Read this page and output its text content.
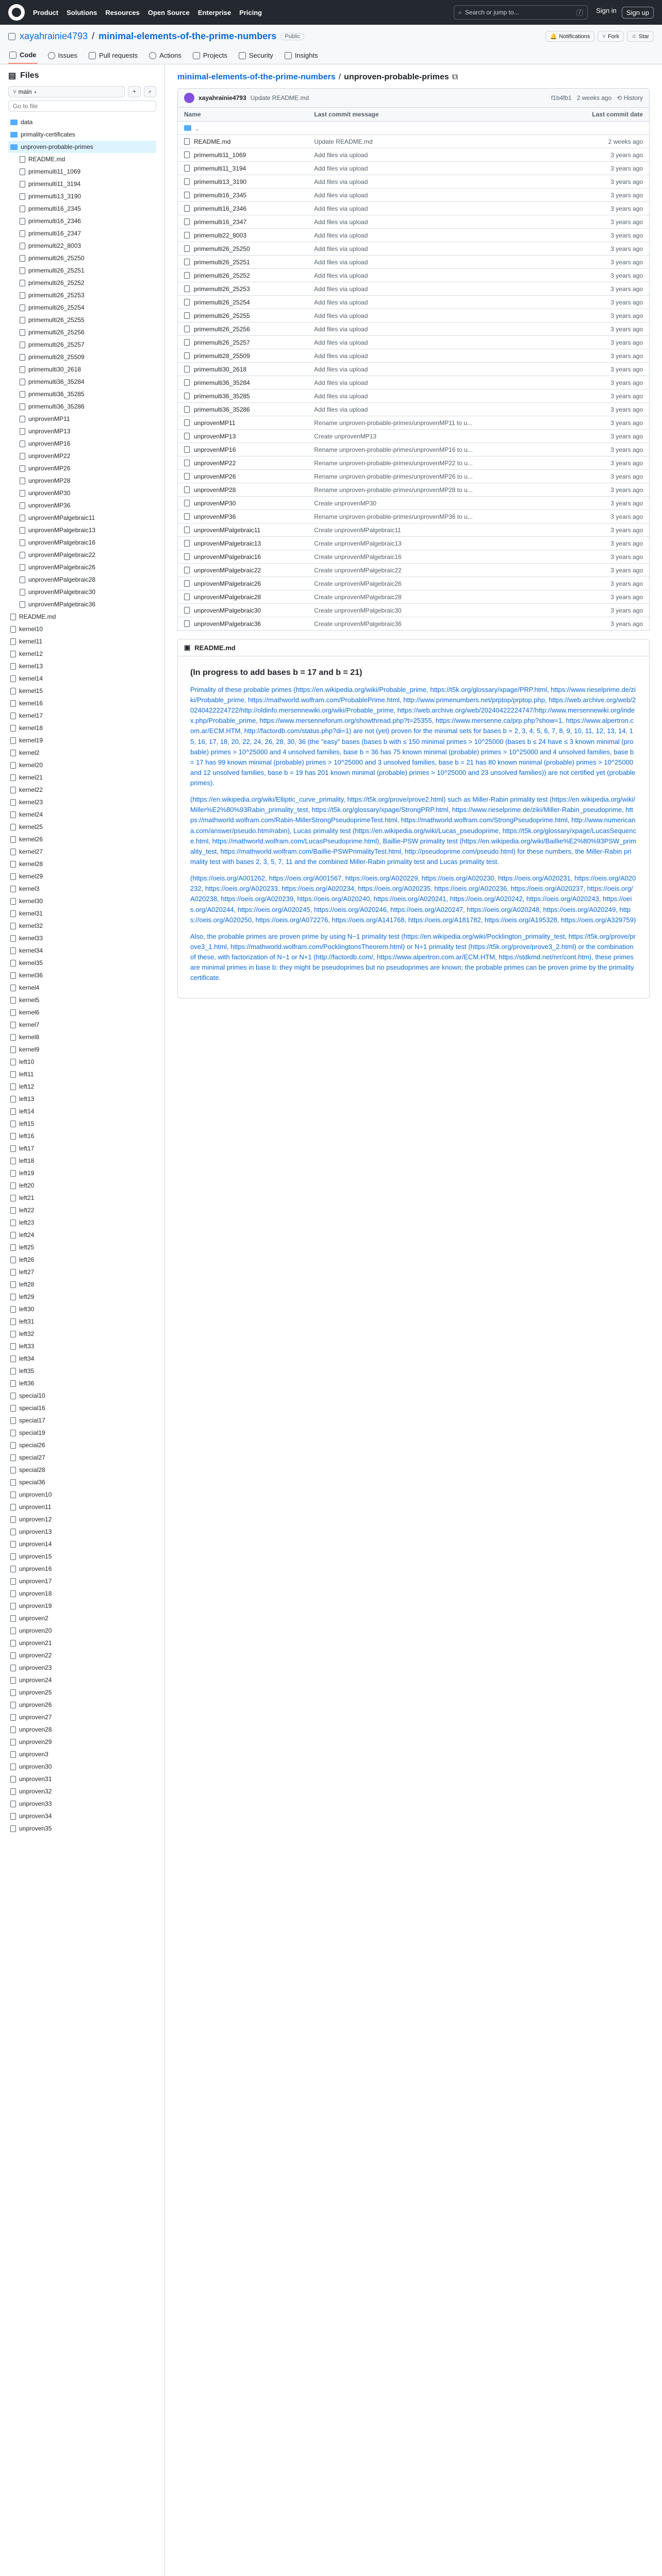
Product Solutions Resources Open Source Enterprise Pricing	⌕ Search or jump to...	/	Sign in	Sign up
xayahrainie4793 / minimal-elements-of-the-prime-numbers	Public	🔔 Notifications ⑂ Fork ☆ Star
Code	Issues	Pull requests	Actions	Projects	Security	Insights
▤ Files
⑂ main ▾	+	⌕
Go to file
data
primality-certificates
unproven-probable-primes
README.md
primemulti11_1069
primemulti11_3194
primemulti13_3190
primemulti16_2345
primemulti16_2346
primemulti16_2347
primemulti22_8003
primemulti26_25250
primemulti26_25251
primemulti26_25252
primemulti26_25253
primemulti26_25254
primemulti26_25255
primemulti26_25256
primemulti26_25257
primemulti28_25509
primemulti30_2618
primemulti36_35284
primemulti36_35285
primemulti36_35286
unprovenMP11
unprovenMP13
unprovenMP16
unprovenMP22
unprovenMP26
unprovenMP28
unprovenMP30
unprovenMP36
unprovenMPalgebraic11
unprovenMPalgebraic13
unprovenMPalgebraic16
unprovenMPalgebraic22
unprovenMPalgebraic26
unprovenMPalgebraic28
unprovenMPalgebraic30
unprovenMPalgebraic36
README.md
kernel10
kernel11
kernel12
kernel13
kernel14
kernel15
kernel16
kernel17
kernel18
kernel19
kernel2
kernel20
kernel21
kernel22
kernel23
kernel24
kernel25
kernel26
kernel27
kernel28
kernel29
kernel3
kernel30
kernel31
kernel32
kernel33
kernel34
kernel35
kernel36
kernel4
kernel5
kernel6
kernel7
kernel8
kernel9
left10
left11
left12
left13
left14
left15
left16
left17
left18
left19
left20
left21
left22
left23
left24
left25
left26
left27
left28
left29
left30
left31
left32
left33
left34
left35
left36
special10
special16
special17
special19
special26
special27
special28
special36
unproven10
unproven11
unproven12
unproven13
unproven14
unproven15
unproven16
unproven17
unproven18
unproven19
unproven2
unproven20
unproven21
unproven22
unproven23
unproven24
unproven25
unproven26
unproven27
unproven28
unproven29
unproven3
unproven30
unproven31
unproven32
unproven33
unproven34
unproven35
minimal-elements-of-the-prime-numbers / unproven-probable-primes ⧉
xayahrainie4793 Update README.md	f1b4fb1 2 weeks ago ⟲ History
Name	Last commit message	Last commit date

..		

README.md	Update README.md	2 weeks ago

primemulti11_1069	Add files via upload	3 years ago

primemulti11_3194	Add files via upload	3 years ago

primemulti13_3190	Add files via upload	3 years ago

primemulti16_2345	Add files via upload	3 years ago

primemulti16_2346	Add files via upload	3 years ago

primemulti16_2347	Add files via upload	3 years ago

primemulti22_8003	Add files via upload	3 years ago

primemulti26_25250	Add files via upload	3 years ago

primemulti26_25251	Add files via upload	3 years ago

primemulti26_25252	Add files via upload	3 years ago

primemulti26_25253	Add files via upload	3 years ago

primemulti26_25254	Add files via upload	3 years ago

primemulti26_25255	Add files via upload	3 years ago

primemulti26_25256	Add files via upload	3 years ago

primemulti26_25257	Add files via upload	3 years ago

primemulti28_25509	Add files via upload	3 years ago

primemulti30_2618	Add files via upload	3 years ago

primemulti36_35284	Add files via upload	3 years ago

primemulti36_35285	Add files via upload	3 years ago

primemulti36_35286	Add files via upload	3 years ago

unprovenMP11	Rename unproven-probable-primes/unprovenMP11 to u...	3 years ago

unprovenMP13	Create unprovenMP13	3 years ago

unprovenMP16	Rename unproven-probable-primes/unprovenMP16 to u...	3 years ago

unprovenMP22	Rename unproven-probable-primes/unprovenMP22 to u...	3 years ago

unprovenMP26	Rename unproven-probable-primes/unprovenMP26 to u...	3 years ago

unprovenMP28	Rename unproven-probable-primes/unprovenMP28 to u...	3 years ago

unprovenMP30	Create unprovenMP30	3 years ago

unprovenMP36	Rename unproven-probable-primes/unprovenMP36 to u...	3 years ago

unprovenMPalgebraic11	Create unprovenMPalgebraic11	3 years ago

unprovenMPalgebraic13	Create unprovenMPalgebraic13	3 years ago

unprovenMPalgebraic16	Create unprovenMPalgebraic16	3 years ago

unprovenMPalgebraic22	Create unprovenMPalgebraic22	3 years ago

unprovenMPalgebraic26	Create unprovenMPalgebraic26	3 years ago

unprovenMPalgebraic28	Create unprovenMPalgebraic28	3 years ago

unprovenMPalgebraic30	Create unprovenMPalgebraic30	3 years ago

unprovenMPalgebraic36	Create unprovenMPalgebraic36	3 years ago
▣ README.md
(In progress to add bases b = 17 and b = 21)

Primality of these probable primes (https://en.wikipedia.org/wiki/Probable_prime, https://t5k.org/glossary/xpage/PRP.html, https://www.rieselprime.de/ziki/Probable_prime, https://mathworld.wolfram.com/ProbablePrime.html, http://www.primenumbers.net/prptop/prptop.php, https://web.archive.org/web/20240422224722/http://oldinfo.mersennewiki.org/wiki/Probable_prime, https://web.archive.org/web/20240422224747/http://www.mersennewiki.org/index.php/Probable_prime, https://www.mersenneforum.org/showthread.php?t=25355, https://www.mersenne.ca/prp.php?show=1, https://www.alpertron.com.ar/ECM.HTM, http://factordb.com/status.php?di=1) are not (yet) proven for the minimal sets for bases b = 2, 3, 4, 5, 6, 7, 8, 9, 10, 11, 12, 13, 14, 15, 16, 17, 18, 20, 22, 24, 26, 28, 30, 36 (the "easy" bases (bases b with ≤ 150 minimal primes > 10^25000 (bases b ≤ 24 have ≤ 3 known minimal (probable) primes > 10^25000 and 4 unsolved families, base b = 36 has 75 known minimal (probable) primes > 10^25000 and 4 unsolved families, base b = 17 has 99 known minimal (probable) primes > 10^25000 and 3 unsolved families, base b = 21 has 80 known minimal (probable) primes > 10^25000 and 12 unsolved families, base b = 19 has 201 known minimal (probable) primes > 10^25000 and 23 unsolved families)) are not certified yet (probable primes).

(https://en.wikipedia.org/wiki/Elliptic_curve_primality, https://t5k.org/prove/prove2.html) such as Miller-Rabin primality test (https://en.wikipedia.org/wiki/Miller%E2%80%93Rabin_primality_test, https://t5k.org/glossary/xpage/StrongPRP.html, https://www.rieselprime.de/ziki/Miller-Rabin_pseudoprime, https://mathworld.wolfram.com/Rabin-MillerStrongPseudoprimeTest.html, https://mathworld.wolfram.com/StrongPseudoprime.html, http://www.numericana.com/answer/pseudo.htm#rabin), Lucas primality test (https://en.wikipedia.org/wiki/Lucas_pseudoprime, https://t5k.org/glossary/xpage/LucasSequence.html, https://mathworld.wolfram.com/LucasPseudoprime.html), Baillie-PSW primality test (https://en.wikipedia.org/wiki/Baillie%E2%80%93PSW_primality_test, https://mathworld.wolfram.com/Baillie-PSWPrimalityTest.html, http://pseudoprime.com/pseudo.html) for these numbers, the Miller-Rabin primality test with bases 2, 3, 5, 7, 11 and the combined Miller-Rabin primality test and Lucas primality test.

(https://oeis.org/A001262, https://oeis.org/A001567, https://oeis.org/A020229, https://oeis.org/A020230, https://oeis.org/A020231, https://oeis.org/A020232, https://oeis.org/A020233, https://oeis.org/A020234, https://oeis.org/A020235, https://oeis.org/A020236, https://oeis.org/A020237, https://oeis.org/A020238, https://oeis.org/A020239, https://oeis.org/A020240, https://oeis.org/A020241, https://oeis.org/A020242, https://oeis.org/A020243, https://oeis.org/A020244, https://oeis.org/A020245, https://oeis.org/A020246, https://oeis.org/A020247, https://oeis.org/A020248, https://oeis.org/A020249, https://oeis.org/A020250, https://oeis.org/A072276, https://oeis.org/A141768, https://oeis.org/A181782, https://oeis.org/A195328, https://oeis.org/A329759)

Also, the probable primes are proven prime by using N−1 primality test (https://en.wikipedia.org/wiki/Pocklington_primality_test, https://t5k.org/prove/prove3_1.html, https://mathworld.wolfram.com/PocklingtonsTheorem.html) or N+1 primality test (https://t5k.org/prove/prove3_2.html) or the combination of these, with factorization of N−1 or N+1 (http://factordb.com/, https://www.alpertron.com.ar/ECM.HTM, https://stdkmd.net/nrr/cont.htm), these primes are minimal primes in base b: they might be pseudoprimes but no pseudoprimes are known; the probable primes can be proven prime by the primality certificate.
